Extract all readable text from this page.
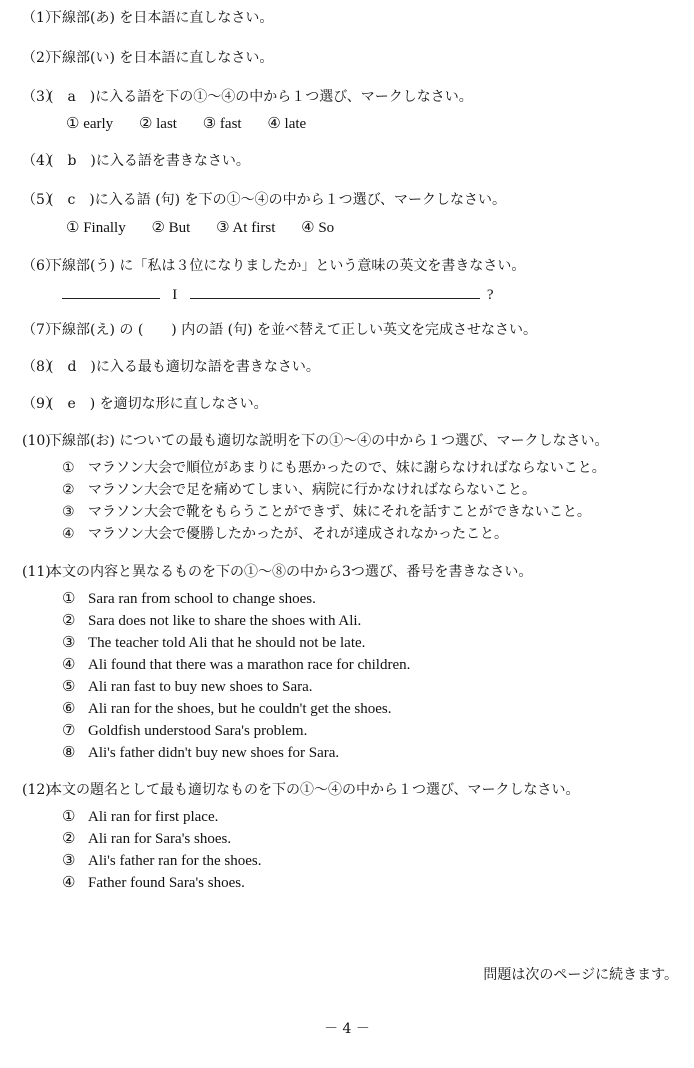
（1）下線部(あ) を日本語に直しなさい。
（2）下線部(い) を日本語に直しなさい。
（3）(　a　)に入る語を下の①〜④の中から１つ選び、マークしなさい。
① early ② last ③ fast ④ late
（4）(　b　)に入る語を書きなさい。
（5）(　c　)に入る語 (句) を下の①〜④の中から１つ選び、マークしなさい。
① Finally ② But ③ At first ④ So
（6）下線部(う) に「私は３位になりましたか」という意味の英文を書きなさい。
I	?
（7）下線部(え) の (　　) 内の語 (句) を並べ替えて正しい英文を完成させなさい。
（8）(　d　)に入る最も適切な語を書きなさい。
（9）(　e　) を適切な形に直しなさい。
(10)下線部(お) についての最も適切な説明を下の①〜④の中から１つ選び、マークしなさい。
① マラソン大会で順位があまりにも悪かったので、妹に謝らなければならないこと。
② マラソン大会で足を痛めてしまい、病院に行かなければならないこと。
③ マラソン大会で靴をもらうことができず、妹にそれを話すことができないこと。
④ マラソン大会で優勝したかったが、それが達成されなかったこと。
(11)本文の内容と異なるものを下の①〜⑧の中から3つ選び、番号を書きなさい。
① Sara ran from school to change shoes.
② Sara does not like to share the shoes with Ali.
③ The teacher told Ali that he should not be late.
④ Ali found that there was a marathon race for children.
⑤ Ali ran fast to buy new shoes to Sara.
⑥ Ali ran for the shoes, but he couldn't get the shoes.
⑦ Goldfish understood Sara's problem.
⑧ Ali's father didn't buy new shoes for Sara.
(12)本文の題名として最も適切なものを下の①〜④の中から１つ選び、マークしなさい。
① Ali ran for first place.
② Ali ran for Sara's shoes.
③ Ali's father ran for the shoes.
④ Father found Sara's shoes.
問題は次のページに続きます。
－ 4 －
